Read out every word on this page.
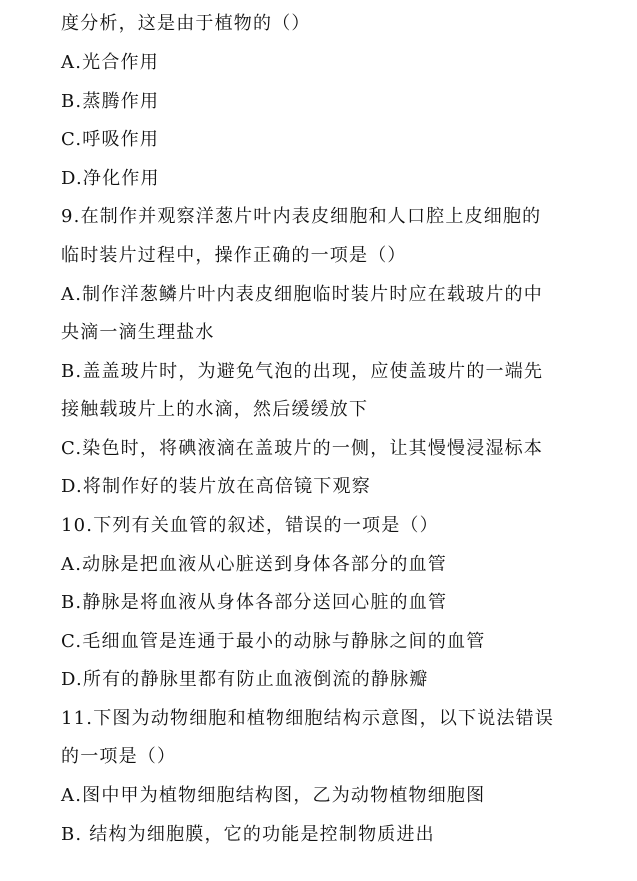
度分析，这是由于植物的（）
A.光合作用
B.蒸腾作用
C.呼吸作用
D.净化作用
9.在制作并观察洋葱片叶内表皮细胞和人口腔上皮细胞的
临时装片过程中，操作正确的一项是（）
A.制作洋葱鳞片叶内表皮细胞临时装片时应在载玻片的中
央滴一滴生理盐水
B.盖盖玻片时，为避免气泡的出现，应使盖玻片的一端先
接触载玻片上的水滴，然后缓缓放下
C.染色时，将碘液滴在盖玻片的一侧，让其慢慢浸湿标本
D.将制作好的装片放在高倍镜下观察
10.下列有关血管的叙述，错误的一项是（）
A.动脉是把血液从心脏送到身体各部分的血管
B.静脉是将血液从身体各部分送回心脏的血管
C.毛细血管是连通于最小的动脉与静脉之间的血管
D.所有的静脉里都有防止血液倒流的静脉瓣
11.下图为动物细胞和植物细胞结构示意图，以下说法错误
的一项是（）
A.图中甲为植物细胞结构图，乙为动物植物细胞图
B. 结构为细胞膜，它的功能是控制物质进出
